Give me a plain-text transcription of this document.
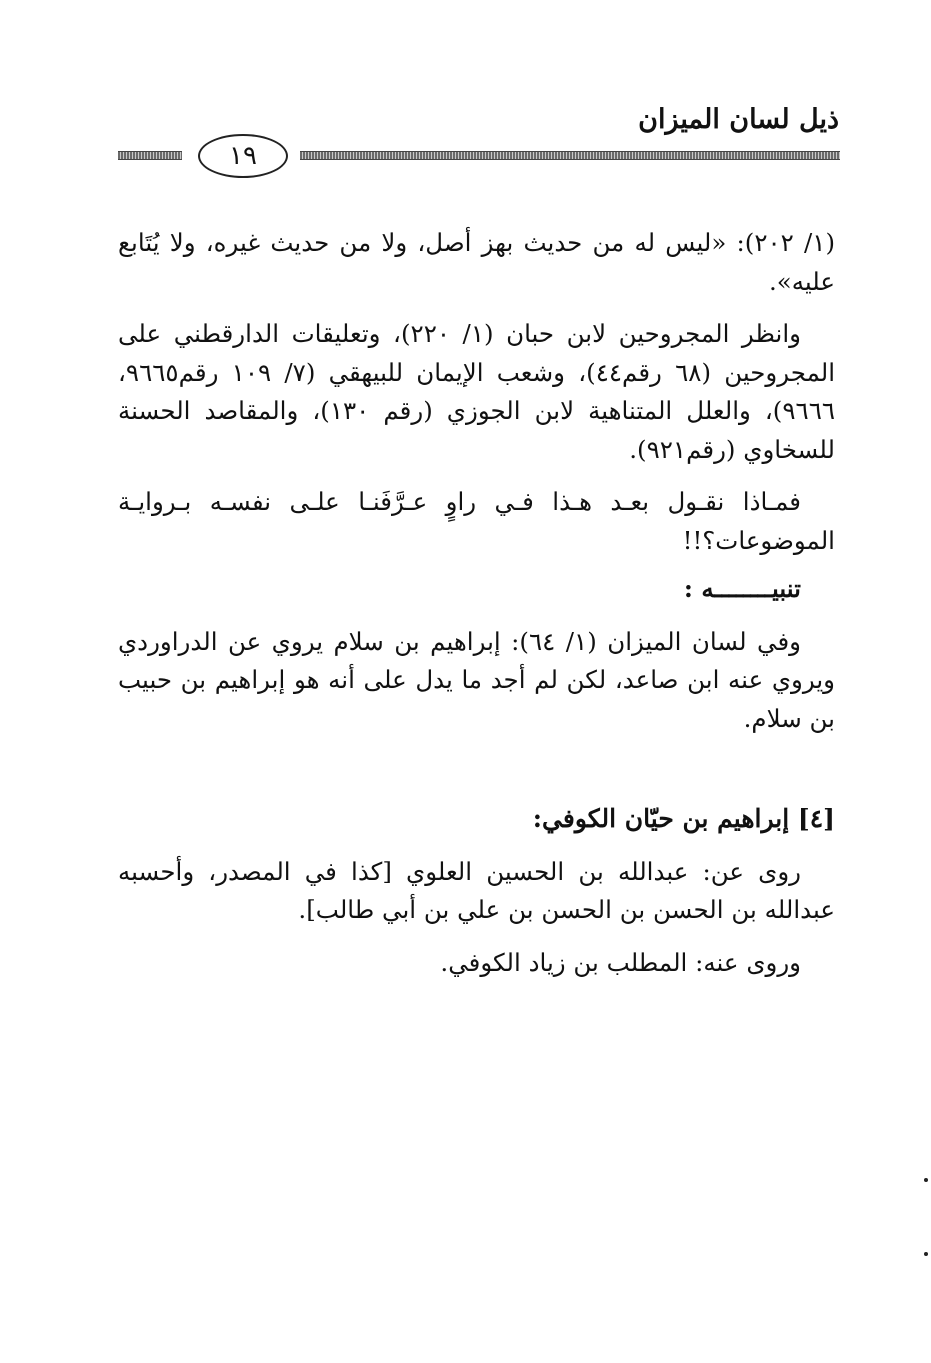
ذيل لسان الميزان
١٩

(١/ ٢٠٢): «ليس له من حديث بهز أصل، ولا من حديث غيره، ولا يُتَابع عليه».

وانظر المجروحين لابن حبان (١/ ٢٢٠)، وتعليقات الدارقطني على المجروحين (٦٨ رقم٤٤)، وشعب الإيمان للبيهقي (٧/ ١٠٩ رقم٩٦٦٥، ٩٦٦٦)، والعلل المتناهية لابن الجوزي (رقم ١٣٠)، والمقاصد الحسنة للسخاوي (رقم٩٢١).

فمـاذا نقـول بعـد هـذا فـي راوٍ عـرَّفَنـا علـى نفسـه بـروايـة الموضوعات؟!!

تنبيــــــــه :

وفي لسان الميزان (١/ ٦٤): إبراهيم بن سلام يروي عن الدراوردي ويروي عنه ابن صاعد، لكن لم أجد ما يدل على أنه هو إبراهيم بن حبيب بن سلام.

[٤] إبراهيم بن حيّان الكوفي:

روى عن: عبدالله بن الحسين العلوي [كذا في المصدر، وأحسبه عبدالله بن الحسن بن الحسن بن علي بن أبي طالب].

وروى عنه: المطلب بن زياد الكوفي.
